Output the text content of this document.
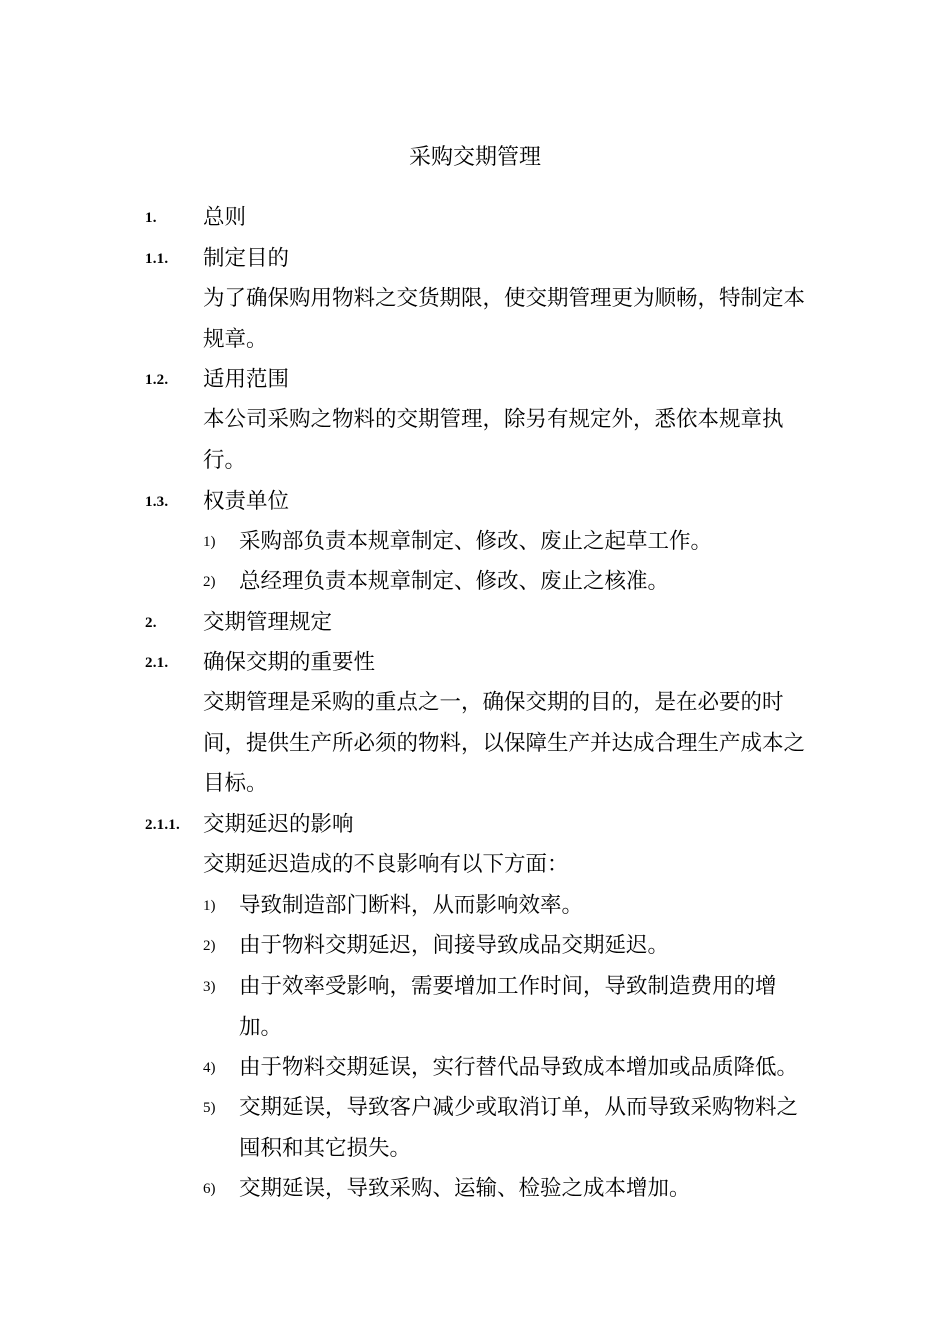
采购交期管理
1. 总则
1.1. 制定目的
为了确保购用物料之交货期限，使交期管理更为顺畅，特制定本规章。
1.2. 适用范围
本公司采购之物料的交期管理，除另有规定外，悉依本规章执行。
1.3. 权责单位
1) 采购部负责本规章制定、修改、废止之起草工作。
2) 总经理负责本规章制定、修改、废止之核准。
2. 交期管理规定
2.1. 确保交期的重要性
交期管理是采购的重点之一，确保交期的目的，是在必要的时间，提供生产所必须的物料，以保障生产并达成合理生产成本之目标。
2.1.1. 交期延迟的影响
交期延迟造成的不良影响有以下方面：
1) 导致制造部门断料，从而影响效率。
2) 由于物料交期延迟，间接导致成品交期延迟。
3) 由于效率受影响，需要增加工作时间，导致制造费用的增加。
4) 由于物料交期延误，实行替代品导致成本增加或品质降低。
5) 交期延误，导致客户减少或取消订单，从而导致采购物料之囤积和其它损失。
6) 交期延误，导致采购、运输、检验之成本增加。
